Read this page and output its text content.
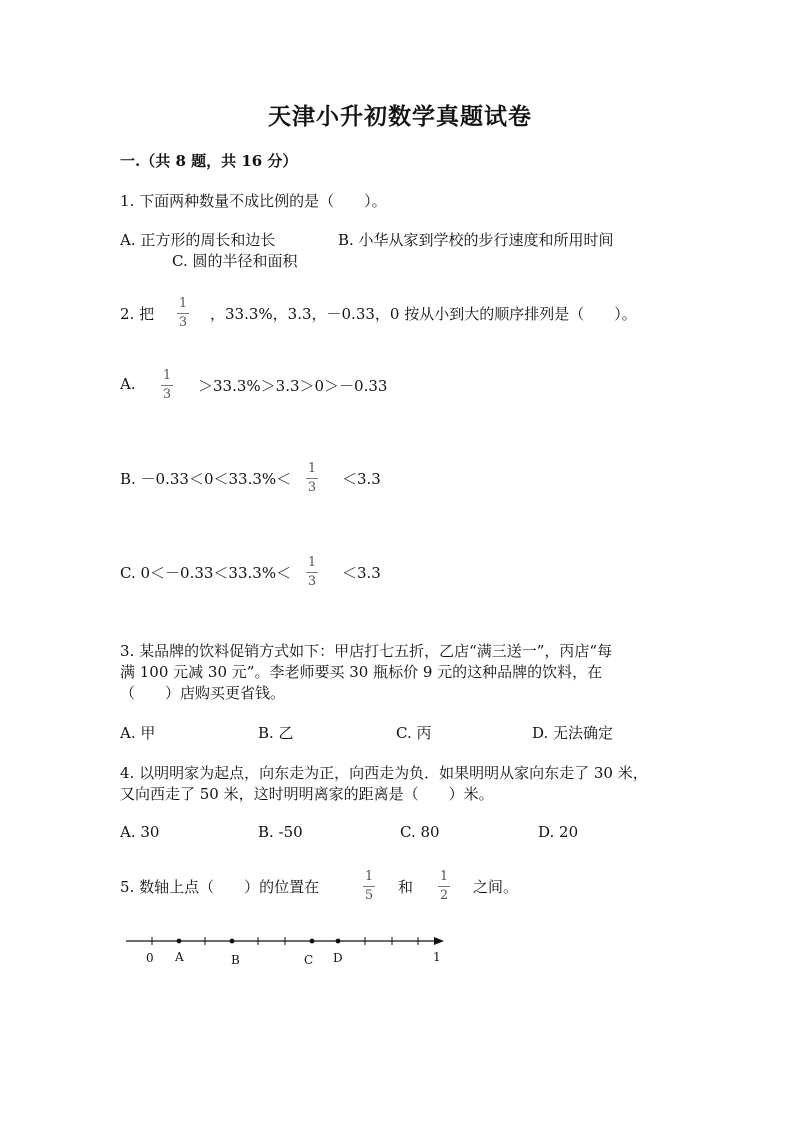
天津小升初数学真题试卷
一.（共 8 题，共 16 分）
1. 下面两种数量不成比例的是（　　）。
A. 正方形的周长和边长	B. 小华从家到学校的步行速度和所用时间
C. 圆的半径和面积
2. 把
1
3 ，33.3%，3.3，－0.33，0 按从小到大的顺序排列是（　　）。
A. 1
3 ＞33.3%＞3.3＞0＞－0.33
B. －0.33＜0＜33.3%＜
1
3 ＜3.3
C. 0＜－0.33＜33.3%＜
1
3 ＜3.3
3. 某品牌的饮料促销方式如下：甲店打七五折，乙店“满三送一”，丙店“每
满 100 元减 30 元”。李老师要买 30 瓶标价 9 元的这种品牌的饮料，在
（　　）店购买更省钱。
A. 甲	B. 乙	C. 丙	D. 无法确定
4. 以明明家为起点，向东走为正，向西走为负．如果明明从家向东走了 30 米，
又向西走了 50 米，这时明明离家的距离是（　　）米。
A. 30	B. -50	C. 80	D. 20
5. 数轴上点（　　）的位置在
1
5 和
1
2 之间。
0 A	B	C D	1
